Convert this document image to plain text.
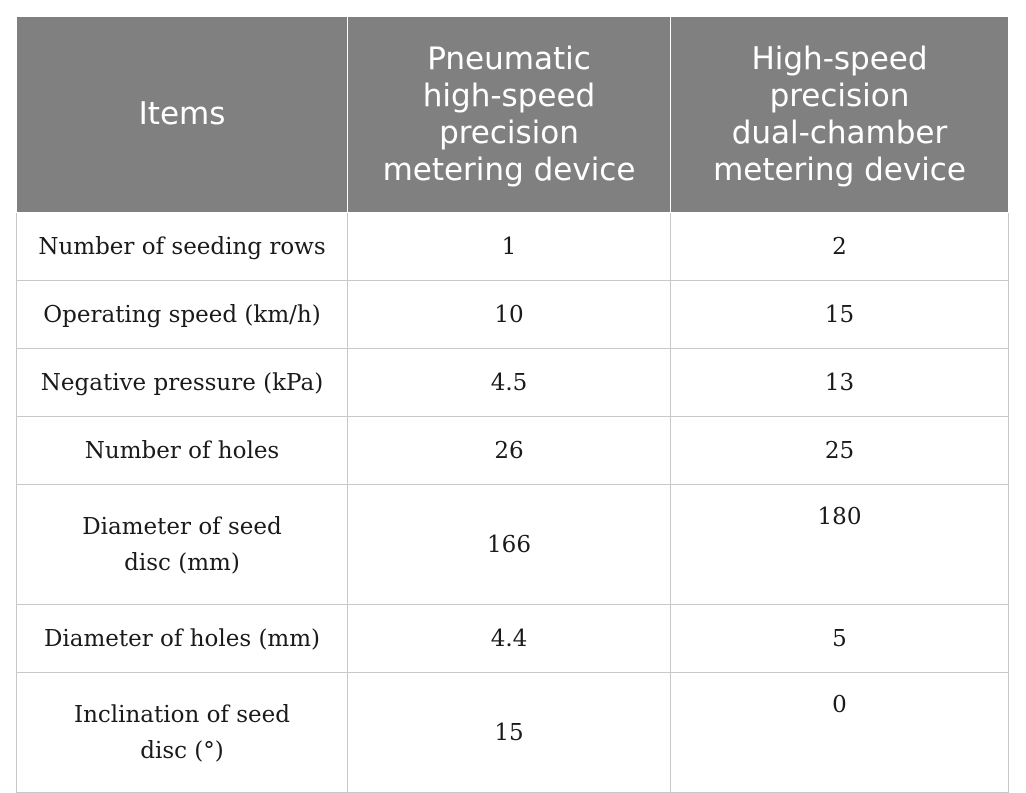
Items	Pneumatic
high-speed
precision
metering device	High-speed
precision
dual-chamber
metering device

Number of seeding rows	1	2

Operating speed (km/h)	10	15

Negative pressure (kPa)	4.5	13

Number of holes	26	25

Diameter of seed
disc (mm)	166	180

Diameter of holes (mm)	4.4	5

Inclination of seed
disc (°)	15	0
